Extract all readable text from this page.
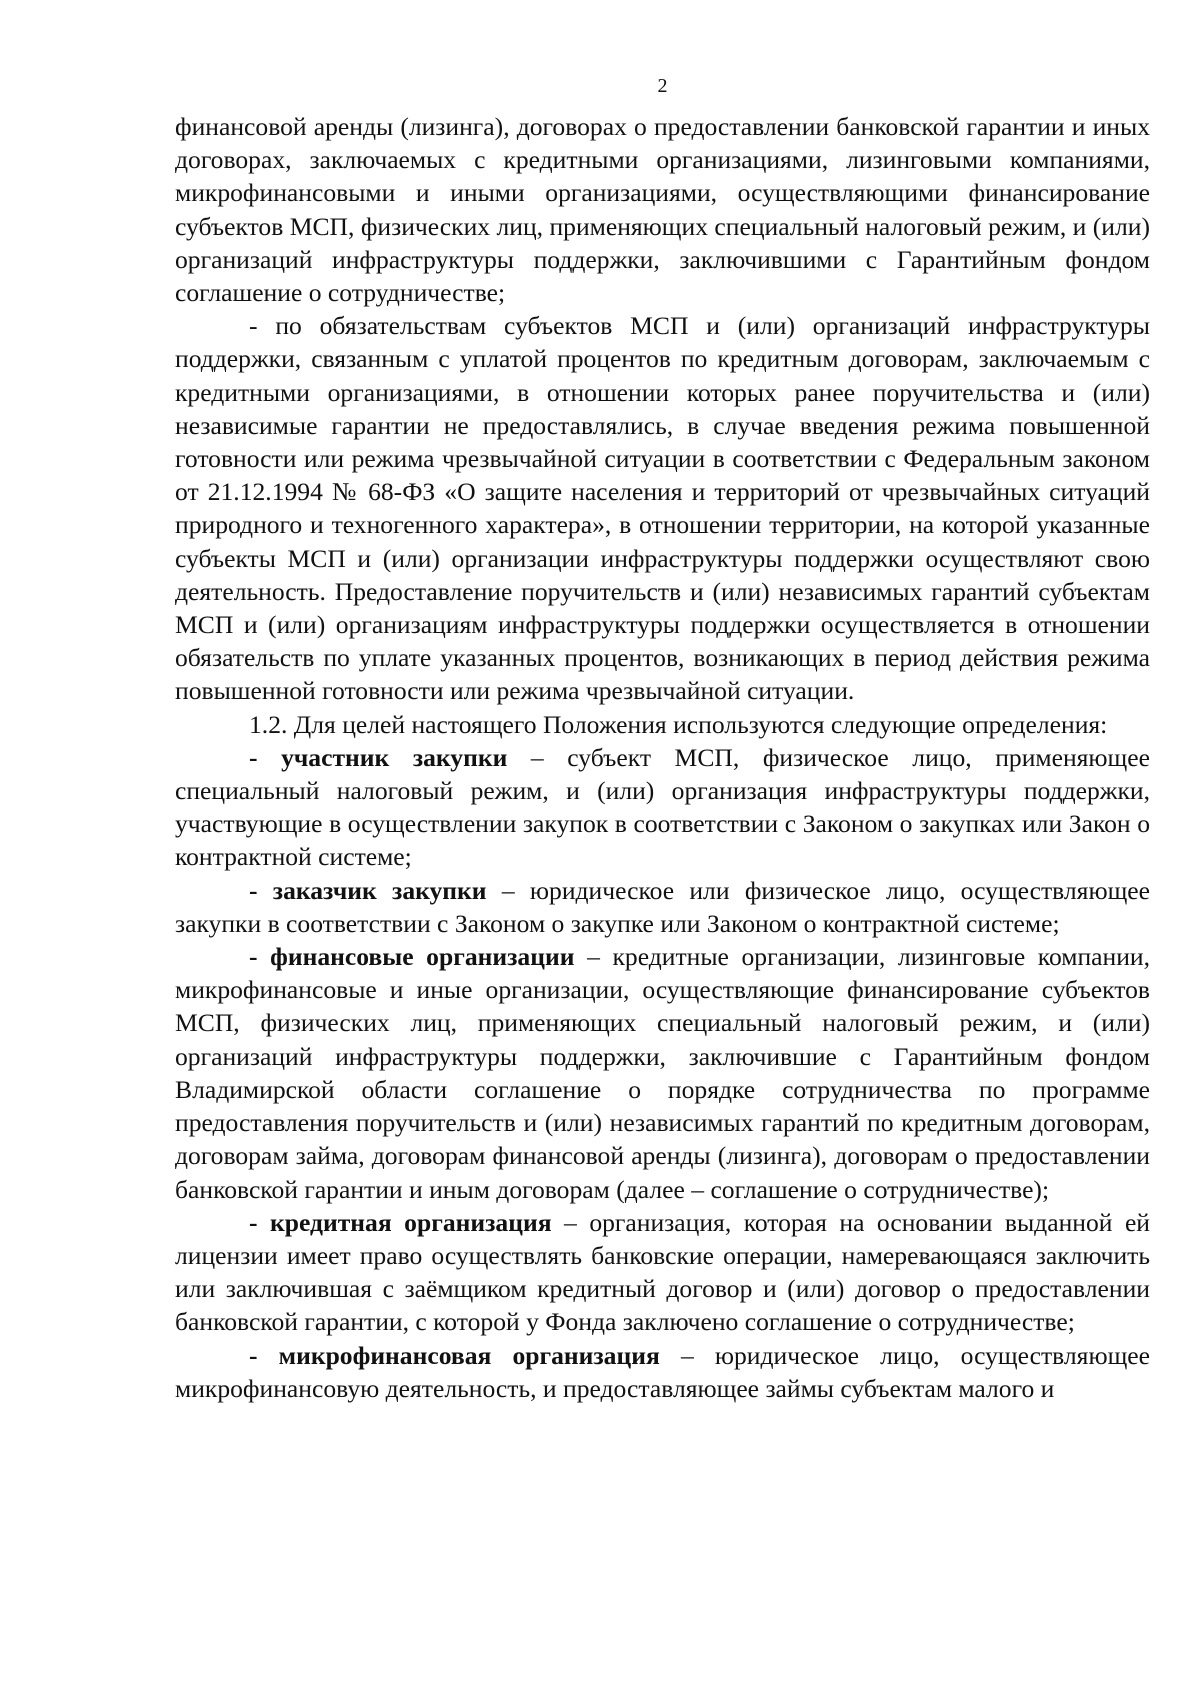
2

финансовой аренды (лизинга), договорах о предоставлении банковской гарантии и иных договорах, заключаемых с кредитными организациями, лизинговыми компаниями, микрофинансовыми и иными организациями, осуществляющими финансирование субъектов МСП, физических лиц, применяющих специальный налоговый режим, и (или) организаций инфраструктуры поддержки, заключившими с Гарантийным фондом соглашение о сотрудничестве;

- по обязательствам субъектов МСП и (или) организаций инфраструктуры поддержки, связанным с уплатой процентов по кредитным договорам, заключаемым с кредитными организациями, в отношении которых ранее поручительства и (или) независимые гарантии не предоставлялись, в случае введения режима повышенной готовности или режима чрезвычайной ситуации в соответствии с Федеральным законом от 21.12.1994 № 68-ФЗ «О защите населения и территорий от чрезвычайных ситуаций природного и техногенного характера», в отношении территории, на которой указанные субъекты МСП и (или) организации инфраструктуры поддержки осуществляют свою деятельность. Предоставление поручительств и (или) независимых гарантий субъектам МСП и (или) организациям инфраструктуры поддержки осуществляется в отношении обязательств по уплате указанных процентов, возникающих в период действия режима повышенной готовности или режима чрезвычайной ситуации.

1.2. Для целей настоящего Положения используются следующие определения:

- участник закупки – субъект МСП, физическое лицо, применяющее специальный налоговый режим, и (или) организация инфраструктуры поддержки, участвующие в осуществлении закупок в соответствии с Законом о закупках или Закон о контрактной системе;

- заказчик закупки – юридическое или физическое лицо, осуществляющее закупки в соответствии с Законом о закупке или Законом о контрактной системе;

- финансовые организации – кредитные организации, лизинговые компании, микрофинансовые и иные организации, осуществляющие финансирование субъектов МСП, физических лиц, применяющих специальный налоговый режим, и (или) организаций инфраструктуры поддержки, заключившие с Гарантийным фондом Владимирской области соглашение о порядке сотрудничества по программе предоставления поручительств и (или) независимых гарантий по кредитным договорам, договорам займа, договорам финансовой аренды (лизинга), договорам о предоставлении банковской гарантии и иным договорам (далее – соглашение о сотрудничестве);

- кредитная организация – организация, которая на основании выданной ей лицензии имеет право осуществлять банковские операции, намеревающаяся заключить или заключившая с заёмщиком кредитный договор и (или) договор о предоставлении банковской гарантии, с которой у Фонда заключено соглашение о сотрудничестве;

- микрофинансовая организация – юридическое лицо, осуществляющее микрофинансовую деятельность, и предоставляющее займы субъектам малого и
